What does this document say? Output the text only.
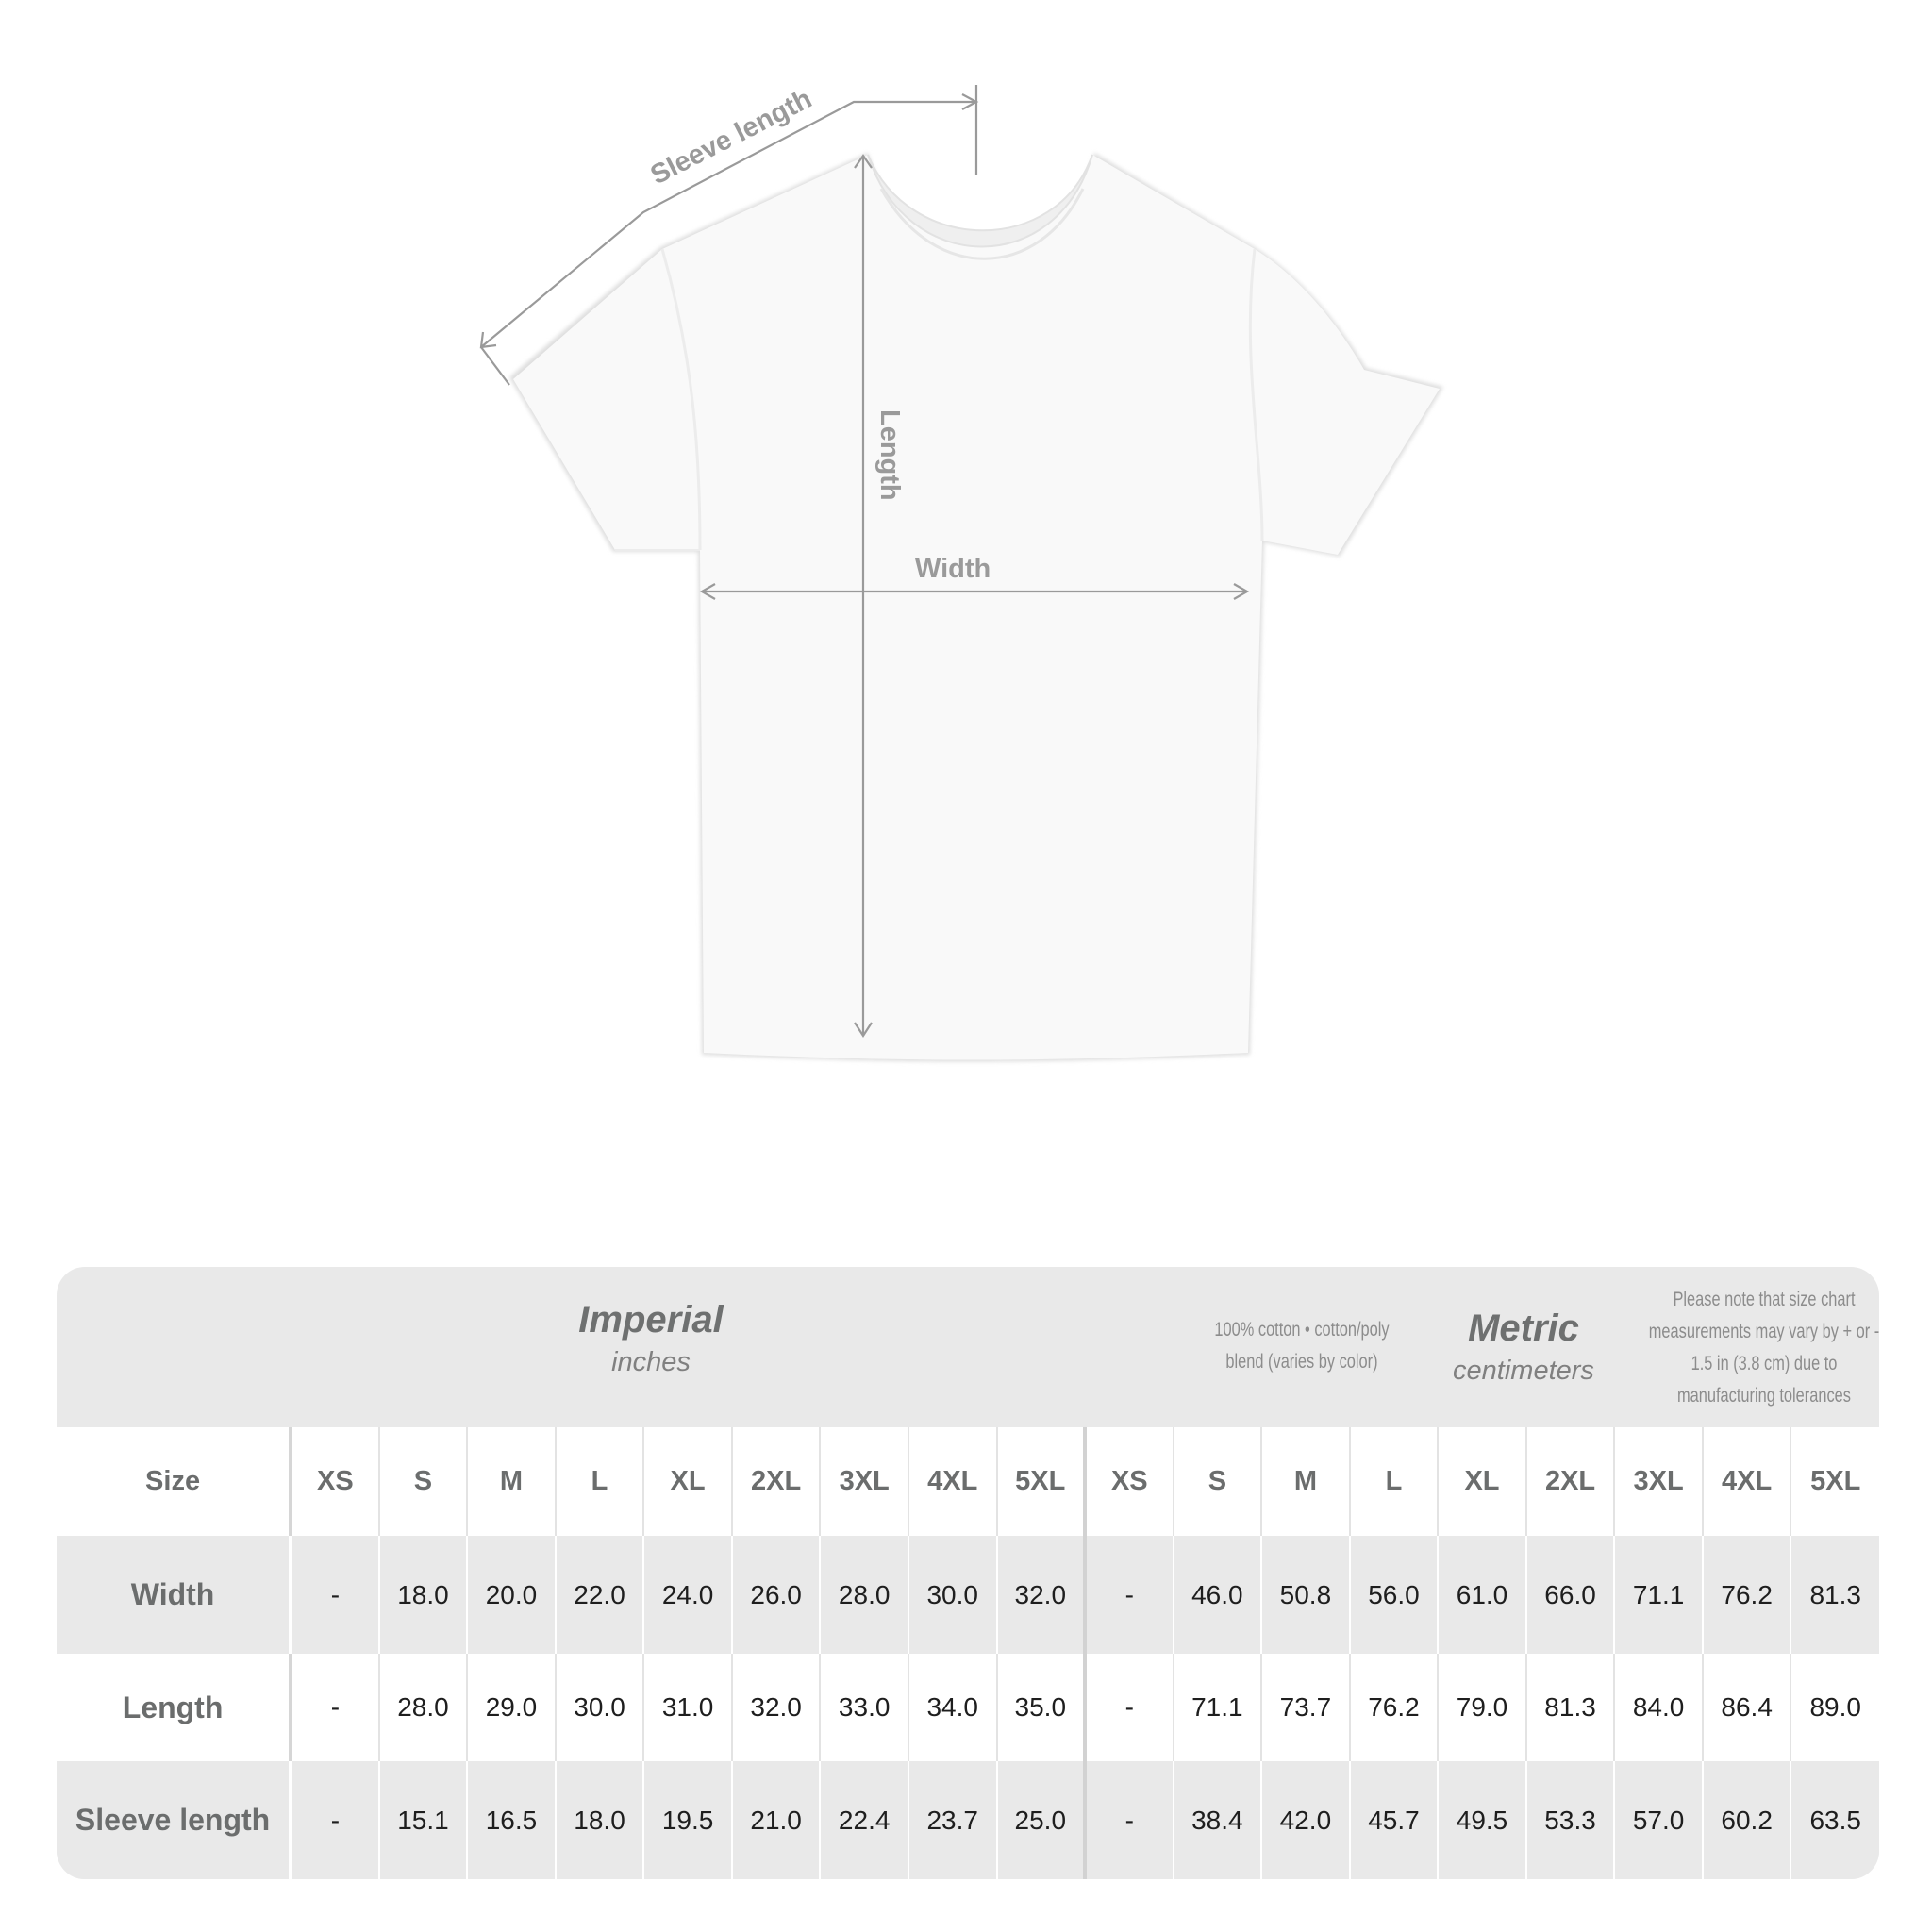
Sleeve length
Length
Width
Imperial
inches
100% cotton • cotton/poly
blend (varies by color)
Metric
centimeters
Please note that size chart
measurements may vary by + or -
1.5 in (3.8 cm) due to
manufacturing tolerances
Size	XS	S	M	L	XL	2XL	3XL	4XL	5XL	XS	S	M	L	XL	2XL	3XL	4XL	5XL
Width	-	18.0	20.0	22.0	24.0	26.0	28.0	30.0	32.0	-	46.0	50.8	56.0	61.0	66.0	71.1	76.2	81.3
Length	-	28.0	29.0	30.0	31.0	32.0	33.0	34.0	35.0	-	71.1	73.7	76.2	79.0	81.3	84.0	86.4	89.0
Sleeve length	-	15.1	16.5	18.0	19.5	21.0	22.4	23.7	25.0	-	38.4	42.0	45.7	49.5	53.3	57.0	60.2	63.5
